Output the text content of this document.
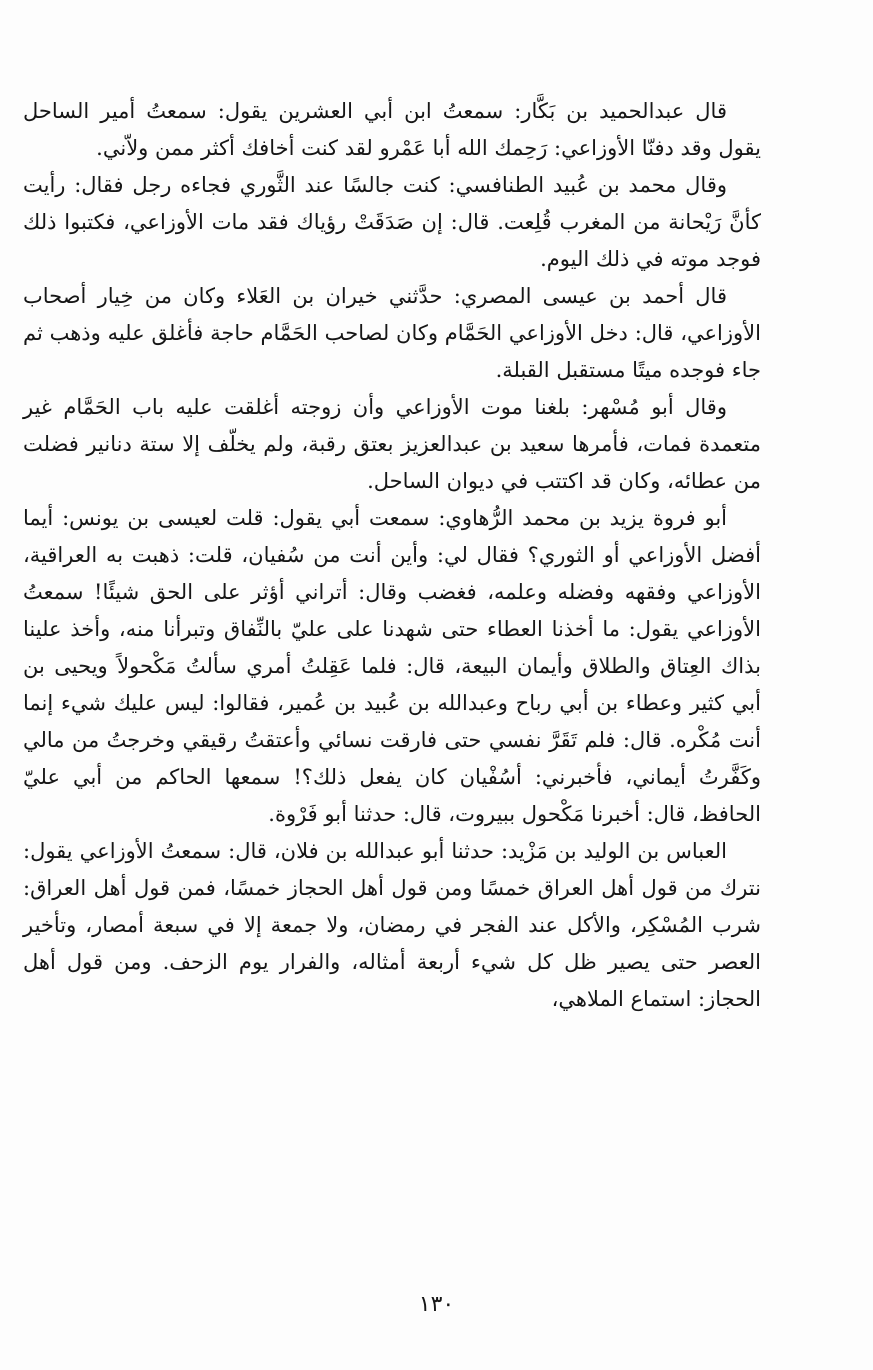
قال عبدالحميد بن بَكَّار: سمعتُ ابن أبي العشرين يقول: سمعتُ أمير الساحل يقول وقد دفنّا الأوزاعي: رَحِمك الله أبا عَمْرو لقد كنت أخافك أكثر ممن ولاّني.

وقال محمد بن عُبيد الطنافسي: كنت جالسًا عند الثَّوري فجاءه رجل فقال: رأيت كأنَّ رَيْحانة من المغرب قُلِعت. قال: إن صَدَقَتْ رؤياك فقد مات الأوزاعي، فكتبوا ذلك فوجد موته في ذلك اليوم.

قال أحمد بن عيسى المصري: حدَّثني خيران بن العَلاء وكان من خِيار أصحاب الأوزاعي، قال: دخل الأوزاعي الحَمَّام وكان لصاحب الحَمَّام حاجة فأغلق عليه وذهب ثم جاء فوجده ميتًا مستقبل القبلة.

وقال أبو مُسْهر: بلغنا موت الأوزاعي وأن زوجته أغلقت عليه باب الحَمَّام غير متعمدة فمات، فأمرها سعيد بن عبدالعزيز بعتق رقبة، ولم يخلّف إلا ستة دنانير فضلت من عطائه، وكان قد اكتتب في ديوان الساحل.

أبو فروة يزيد بن محمد الرُّهاوي: سمعت أبي يقول: قلت لعيسى بن يونس: أيما أفضل الأوزاعي أو الثوري؟ فقال لي: وأين أنت من سُفيان، قلت: ذهبت به العراقية، الأوزاعي وفقهه وفضله وعلمه، فغضب وقال: أتراني أؤثر على الحق شيئًا! سمعتُ الأوزاعي يقول: ما أخذنا العطاء حتى شهدنا على عليّ بالنِّفاق وتبرأنا منه، وأخذ علينا بذاك العِتاق والطلاق وأيمان البيعة، قال: فلما عَقِلتُ أمري سألتُ مَكْحولاً ويحيى بن أبي كثير وعطاء بن أبي رباح وعبدالله بن عُبيد بن عُمير، فقالوا: ليس عليك شيء إنما أنت مُكْره. قال: فلم تَقَرَّ نفسي حتى فارقت نسائي وأعتقتُ رقيقي وخرجتُ من مالي وكَفَّرتُ أيماني، فأخبرني: أسُفْيان كان يفعل ذلك؟! سمعها الحاكم من أبي عليّ الحافظ، قال: أخبرنا مَكْحول ببيروت، قال: حدثنا أبو فَرْوة.

العباس بن الوليد بن مَزْيد: حدثنا أبو عبدالله بن فلان، قال: سمعتُ الأوزاعي يقول: نترك من قول أهل العراق خمسًا ومن قول أهل الحجاز خمسًا، فمن قول أهل العراق: شرب المُسْكِر، والأكل عند الفجر في رمضان، ولا جمعة إلا في سبعة أمصار، وتأخير العصر حتى يصير ظل كل شيء أربعة أمثاله، والفرار يوم الزحف. ومن قول أهل الحجاز: استماع الملاهي،

١٣٠
